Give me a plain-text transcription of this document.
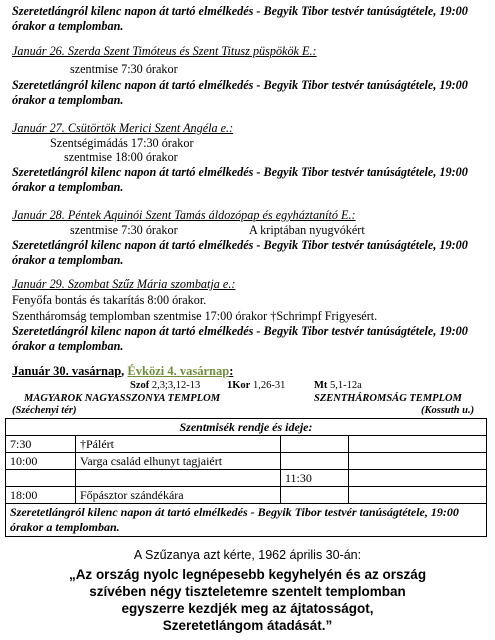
Szeretetlángról kilenc napon át tartó elmélkedés - Begyik Tibor testvér tanúságtétele, 19:00 órakor a templomban.
Január 26. Szerda Szent Timóteus és Szent Titusz püspökök E.:
szentmise 7:30 órakor
Szeretetlángról kilenc napon át tartó elmélkedés - Begyik Tibor testvér tanúságtétele, 19:00 órakor a templomban.
Január 27. Csütörtök Merici Szent Angéla e.:
Szentségimádás 17:30 órakor
szentmise 18:00 órakor
Szeretetlángról kilenc napon át tartó elmélkedés - Begyik Tibor testvér tanúságtétele, 19:00 órakor a templomban.
Január 28. Péntek Aquinói Szent Tamás áldozópap és egyháztanító E.:
szentmise 7:30 órakor	A kriptában nyugvókért
Szeretetlángról kilenc napon át tartó elmélkedés - Begyik Tibor testvér tanúságtétele, 19:00 órakor a templomban.
Január 29. Szombat Szűz Mária szombatja e.:
Fenyőfa bontás és takarítás 8:00 órakor.
Szentháromság templomban szentmise 17:00 órakor †Schrimpf Frigyesért.
Szeretetlángról kilenc napon át tartó elmélkedés - Begyik Tibor testvér tanúságtétele, 19:00 órakor a templomban.
Január 30. vasárnap, Évközi 4. vasárnap:
Szof 2,3;3,12-13	1Kor 1,26-31	Mt 5,1-12a
MAGYAROK NAGYASSZONYA TEMPLOM
(Széchenyi tér)
SZENTHÁROMSÁG TEMPLOM
(Kossuth u.)
Szentmisék rendje és ideje:			
7:30	†Pálért		
10:00	Varga család elhunyt tagjaiért		
		11:30	
18:00	Főpásztor szándékára		
Szeretetlángról kilenc napon át tartó elmélkedés - Begyik Tibor testvér tanúságtétele, 19:00 órakor a templomban.			
A Szűzanya azt kérte, 1962 április 30-án:
„Az ország nyolc legnépesebb kegyhelyén és az ország
szívében négy tiszteletemre szentelt templomban
egyszerre kezdjék meg az ájtatosságot,
Szeretetlángom átadását.”
